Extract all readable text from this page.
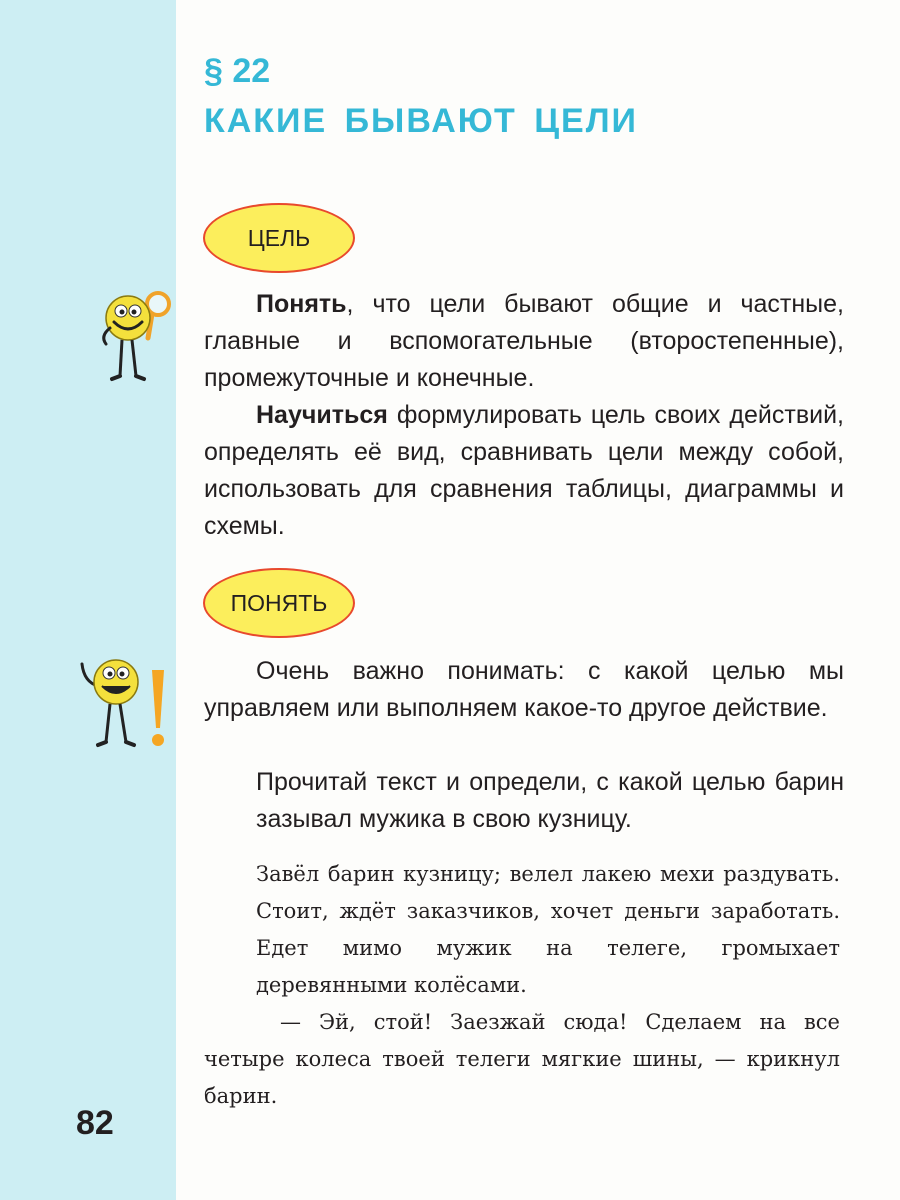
§ 22
КАКИЕ БЫВАЮТ ЦЕЛИ
ЦЕЛЬ

Понять, что цели бывают общие и частные, главные и вспомогательные (второстепенные), промежуточные и конечные.

Научиться формулировать цель своих действий, определять её вид, сравнивать цели между собой, использовать для сравнения таблицы, диаграммы и схемы.

ПОНЯТЬ

Очень важно понимать: с какой целью мы управляем или выполняем какое-то другое действие.

Прочитай текст и определи, с какой целью барин зазывал мужика в свою кузницу.

Завёл барин кузницу; велел лакею мехи раздувать. Стоит, ждёт заказчиков, хочет деньги заработать. Едет мимо мужик на телеге, громыхает деревянными колёсами.

— Эй, стой! Заезжай сюда! Сделаем на все четыре колеса твоей телеги мягкие шины, — крикнул барин.

82
